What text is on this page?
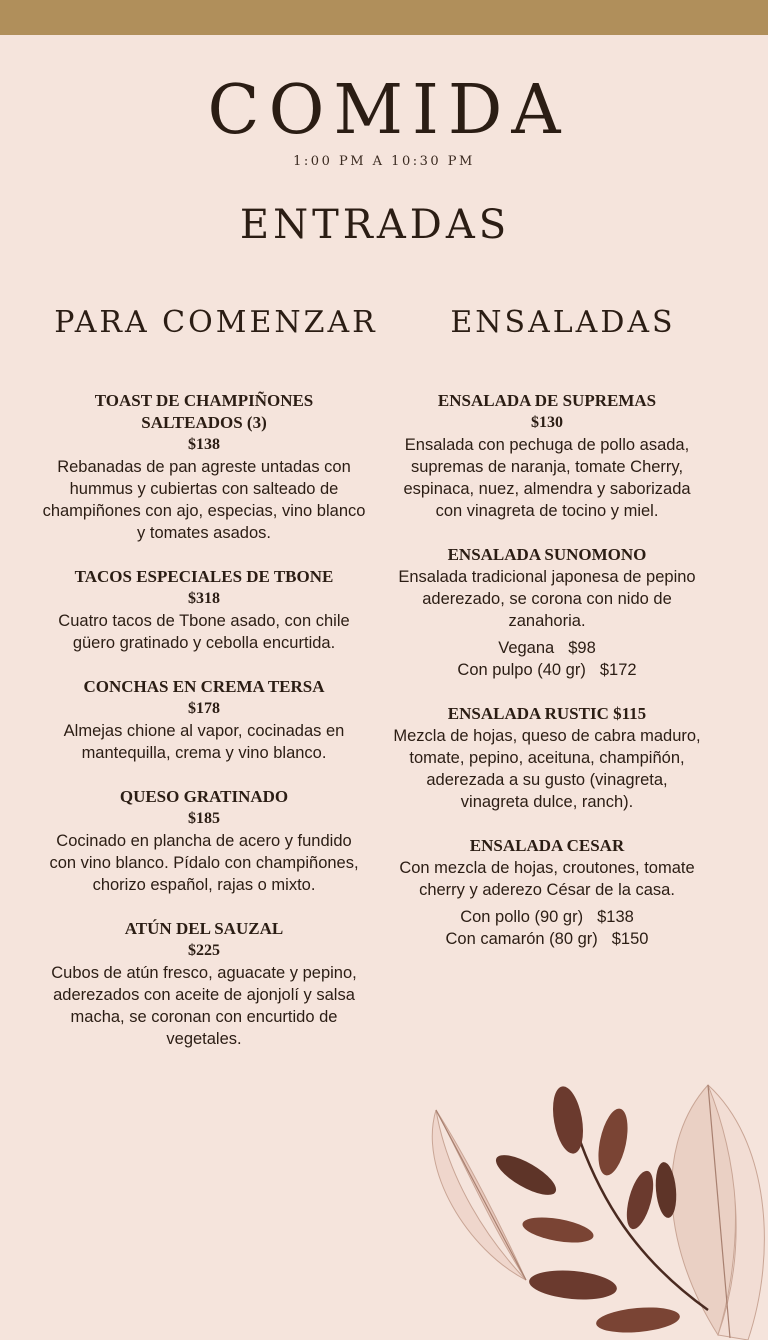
COMIDA
1:00 PM A 10:30 PM
ENTRADAS
PARA COMENZAR	ENSALADAS
TOAST DE CHAMPIÑONES
SALTEADOS (3)
$138
Rebanadas de pan agreste untadas con hummus y cubiertas con salteado de champiñones con ajo, especias, vino blanco y tomates asados.
TACOS ESPECIALES DE TBONE
$318
Cuatro tacos de Tbone asado, con chile güero gratinado y cebolla encurtida.
CONCHAS EN CREMA TERSA
$178
Almejas chione al vapor, cocinadas en mantequilla, crema y vino blanco.
QUESO GRATINADO
$185
Cocinado en plancha de acero y fundido con vino blanco. Pídalo con champiñones, chorizo español, rajas o mixto.
ATÚN DEL SAUZAL
$225
Cubos de atún fresco, aguacate y pepino, aderezados con aceite de ajonjolí y salsa macha, se coronan con encurtido de vegetales.
ENSALADA DE SUPREMAS
$130
Ensalada con pechuga de pollo asada, supremas de naranja, tomate Cherry, espinaca, nuez, almendra y saborizada con vinagreta de tocino y miel.
ENSALADA SUNOMONO
Ensalada tradicional japonesa de pepino aderezado, se corona con nido de zanahoria.
Vegana $98
Con pulpo (40 gr) $172
ENSALADA RUSTIC $115
Mezcla de hojas, queso de cabra maduro, tomate, pepino, aceituna, champiñón, aderezada a su gusto (vinagreta, vinagreta dulce, ranch).
ENSALADA CESAR
Con mezcla de hojas, croutones, tomate cherry y aderezo César de la casa.
Con pollo (90 gr) $138
Con camarón (80 gr) $150
